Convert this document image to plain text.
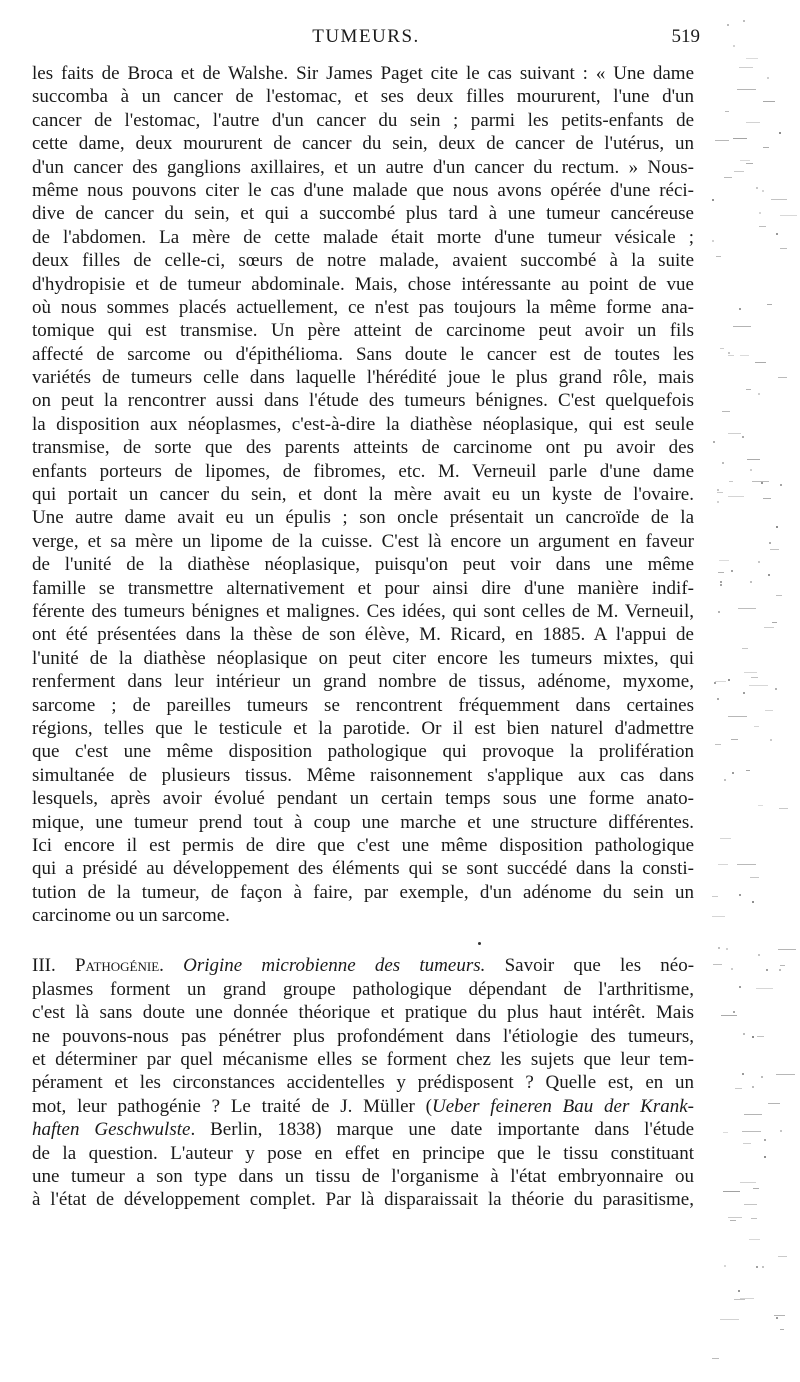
TUMEURS.	519
les faits de Broca et de Walshe. Sir James Paget cite le cas suivant : « Une dame
succomba à un cancer de l'estomac, et ses deux filles moururent, l'une d'un
cancer de l'estomac, l'autre d'un cancer du sein ; parmi les petits-enfants de
cette dame, deux moururent de cancer du sein, deux de cancer de l'utérus, un
d'un cancer des ganglions axillaires, et un autre d'un cancer du rectum. » Nous-
même nous pouvons citer le cas d'une malade que nous avons opérée d'une réci-
dive de cancer du sein, et qui a succombé plus tard à une tumeur cancéreuse
de l'abdomen. La mère de cette malade était morte d'une tumeur vésicale ;
deux filles de celle-ci, sœurs de notre malade, avaient succombé à la suite
d'hydropisie et de tumeur abdominale. Mais, chose intéressante au point de vue
où nous sommes placés actuellement, ce n'est pas toujours la même forme ana-
tomique qui est transmise. Un père atteint de carcinome peut avoir un fils
affecté de sarcome ou d'épithélioma. Sans doute le cancer est de toutes les
variétés de tumeurs celle dans laquelle l'hérédité joue le plus grand rôle, mais
on peut la rencontrer aussi dans l'étude des tumeurs bénignes. C'est quelquefois
la disposition aux néoplasmes, c'est-à-dire la diathèse néoplasique, qui est seule
transmise, de sorte que des parents atteints de carcinome ont pu avoir des
enfants porteurs de lipomes, de fibromes, etc. M. Verneuil parle d'une dame
qui portait un cancer du sein, et dont la mère avait eu un kyste de l'ovaire.
Une autre dame avait eu un épulis ; son oncle présentait un cancroïde de la
verge, et sa mère un lipome de la cuisse. C'est là encore un argument en faveur
de l'unité de la diathèse néoplasique, puisqu'on peut voir dans une même
famille se transmettre alternativement et pour ainsi dire d'une manière indif-
férente des tumeurs bénignes et malignes. Ces idées, qui sont celles de M. Verneuil,
ont été présentées dans la thèse de son élève, M. Ricard, en 1885. A l'appui de
l'unité de la diathèse néoplasique on peut citer encore les tumeurs mixtes, qui
renferment dans leur intérieur un grand nombre de tissus, adénome, myxome,
sarcome ; de pareilles tumeurs se rencontrent fréquemment dans certaines
régions, telles que le testicule et la parotide. Or il est bien naturel d'admettre
que c'est une même disposition pathologique qui provoque la prolifération
simultanée de plusieurs tissus. Même raisonnement s'applique aux cas dans
lesquels, après avoir évolué pendant un certain temps sous une forme anato-
mique, une tumeur prend tout à coup une marche et une structure différentes.
Ici encore il est permis de dire que c'est une même disposition pathologique
qui a présidé au développement des éléments qui se sont succédé dans la consti-
tution de la tumeur, de façon à faire, par exemple, d'un adénome du sein un
carcinome ou un sarcome.
III. Pathogénie. Origine microbienne des tumeurs. Savoir que les néo-
plasmes forment un grand groupe pathologique dépendant de l'arthritisme,
c'est là sans doute une donnée théorique et pratique du plus haut intérêt. Mais
ne pouvons-nous pas pénétrer plus profondément dans l'étiologie des tumeurs,
et déterminer par quel mécanisme elles se forment chez les sujets que leur tem-
pérament et les circonstances accidentelles y prédisposent ? Quelle est, en un
mot, leur pathogénie ? Le traité de J. Müller (Ueber feineren Bau der Krank-
haften Geschwulste. Berlin, 1838) marque une date importante dans l'étude
de la question. L'auteur y pose en effet en principe que le tissu constituant
une tumeur a son type dans un tissu de l'organisme à l'état embryonnaire ou
à l'état de développement complet. Par là disparaissait la théorie du parasitisme,
